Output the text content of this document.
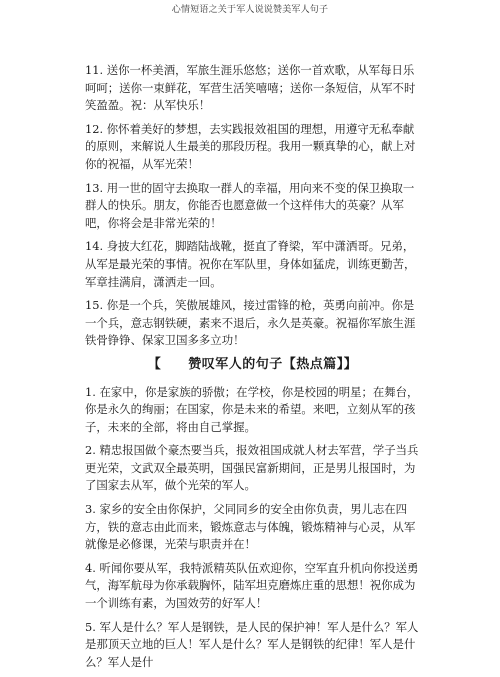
心情短语之关于军人说说赞美军人句子

11. 送你一杯美酒，军旅生涯乐悠悠；送你一首欢歌，从军每日乐呵呵；送你一束鲜花，军营生活笑嘻嘻；送你一条短信，从军不时笑盈盈。祝：从军快乐！

12. 你怀着美好的梦想，去实践报效祖国的理想，用遵守无私奉献的原则，来解说人生最美的那段历程。我用一颗真挚的心，献上对你的祝福，从军光荣！

13. 用一世的固守去换取一群人的幸福，用向来不变的保卫换取一群人的快乐。朋友，你能否也愿意做一个这样伟大的英豪？从军吧，你将会是非常光荣的！

14. 身披大红花，脚踏陆战靴，挺直了脊梁，军中潇洒哥。兄弟，从军是最光荣的事情。祝你在军队里，身体如猛虎，训练更勤苦，军章挂满肩，潇洒走一回。

15. 你是一个兵，笑傲展雄风，接过雷锋的枪，英勇向前冲。你是一个兵，意志钢铁硬，素来不退后，永久是英豪。祝福你军旅生涯铁骨铮铮、保家卫国多多立功！

【　　赞叹军人的句子【热点篇】】

1. 在家中，你是家族的骄傲；在学校，你是校园的明星；在舞台，你是永久的绚丽；在国家，你是未来的希望。来吧，立刻从军的孩子，未来的全部，将由自己掌握。

2. 精忠报国做个豪杰要当兵，报效祖国成就人材去军营，学子当兵更光荣，文武双全最英明，国强民富新期间，正是男儿报国时，为了国家去从军，做个光荣的军人。

3. 家乡的安全由你保护，父同同乡的安全由你负责，男儿志在四方，铁的意志由此而来，锻炼意志与体魄，锻炼精神与心灵，从军就像是必修课，光荣与职责并在！

4. 听闻你要从军，我特派精英队伍欢迎你，空军直升机向你投送勇气，海军航母为你承载胸怀，陆军坦克磨炼庄重的思想！祝你成为一个训练有素，为国效劳的好军人！

5. 军人是什么？军人是钢铁，是人民的保护神！军人是什么？军人是那顶天立地的巨人！军人是什么？军人是钢铁的纪律！军人是什么？军人是什
